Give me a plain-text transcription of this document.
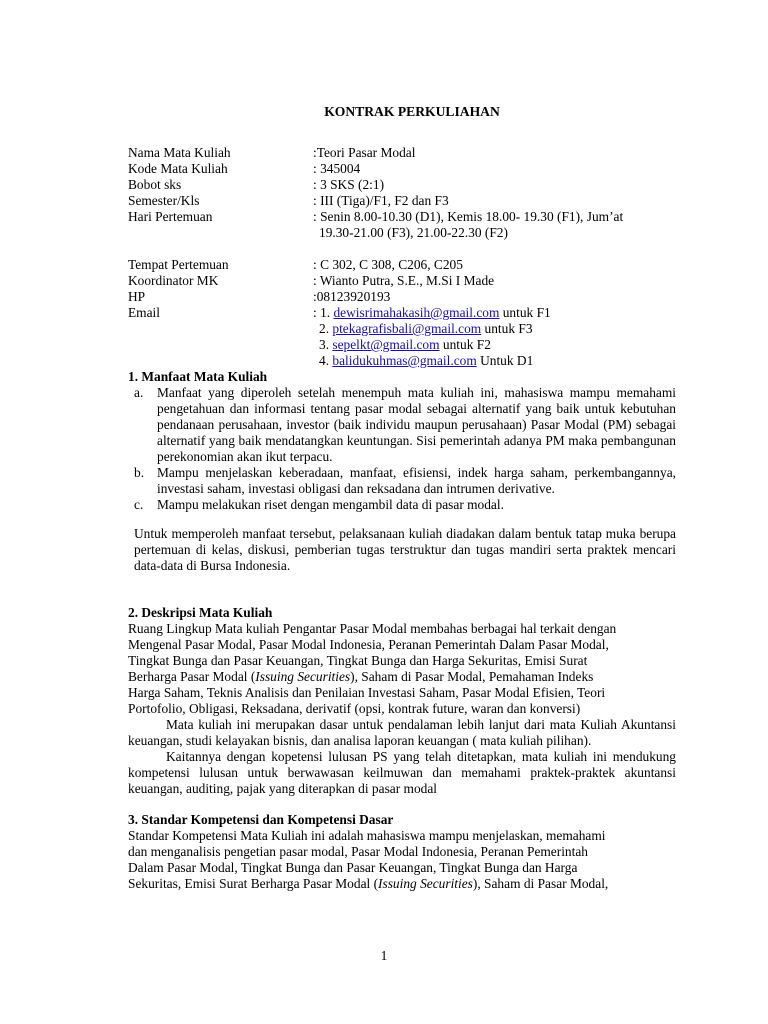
KONTRAK PERKULIAHAN
Nama Mata Kuliah	:Teori Pasar Modal
Kode Mata Kuliah	: 345004
Bobot sks	: 3 SKS (2:1)
Semester/Kls	: III (Tiga)/F1, F2 dan F3
Hari Pertemuan	: Senin 8.00-10.30 (D1), Kemis 18.00- 19.30 (F1), Jum’at
19.30-21.00 (F3), 21.00-22.30 (F2)
Tempat Pertemuan	: C 302, C 308, C206, C205
Koordinator MK	: Wianto Putra, S.E., M.Si I Made
HP	:08123920193
Email	: 1. dewisrimahakasih@gmail.com untuk F1
2. ptekagrafisbali@gmail.com untuk F3
3. sepelkt@gmail.com untuk F2
4. balidukuhmas@gmail.com Untuk D1
1. Manfaat Mata Kuliah
a. Manfaat yang diperoleh setelah menempuh mata kuliah ini, mahasiswa mampu memahami pengetahuan dan informasi tentang pasar modal sebagai alternatif yang baik untuk kebutuhan pendanaan perusahaan, investor (baik individu maupun perusahaan) Pasar Modal (PM) sebagai alternatif yang baik mendatangkan keuntungan. Sisi pemerintah adanya PM maka pembangunan perekonomian akan ikut terpacu.
b. Mampu menjelaskan keberadaan, manfaat, efisiensi, indek harga saham, perkembangannya, investasi saham, investasi obligasi dan reksadana dan intrumen derivative.
c. Mampu melakukan riset dengan mengambil data di pasar modal.
Untuk memperoleh manfaat tersebut, pelaksanaan kuliah diadakan dalam bentuk tatap muka berupa pertemuan di kelas, diskusi, pemberian tugas terstruktur dan tugas mandiri serta praktek mencari data-data di Bursa Indonesia.
2. Deskripsi Mata Kuliah
Ruang Lingkup Mata kuliah Pengantar Pasar Modal membahas berbagai hal terkait dengan
Mengenal Pasar Modal, Pasar Modal Indonesia, Peranan Pemerintah Dalam Pasar Modal,
Tingkat Bunga dan Pasar Keuangan, Tingkat Bunga dan Harga Sekuritas, Emisi Surat
Berharga Pasar Modal (Issuing Securities), Saham di Pasar Modal, Pemahaman Indeks
Harga Saham, Teknis Analisis dan Penilaian Investasi Saham, Pasar Modal Efisien, Teori
Portofolio, Obligasi, Reksadana, derivatif (opsi, kontrak future, waran dan konversi)
Mata kuliah ini merupakan dasar untuk pendalaman lebih lanjut dari mata Kuliah Akuntansi keuangan, studi kelayakan bisnis, dan analisa laporan keuangan ( mata kuliah pilihan).
Kaitannya dengan kopetensi lulusan PS yang telah ditetapkan, mata kuliah ini mendukung kompetensi lulusan untuk berwawasan keilmuwan dan memahami praktek-praktek akuntansi keuangan, auditing, pajak yang diterapkan di pasar modal
3. Standar Kompetensi dan Kompetensi Dasar
Standar Kompetensi Mata Kuliah ini adalah mahasiswa mampu menjelaskan, memahami
dan menganalisis pengetian pasar modal, Pasar Modal Indonesia, Peranan Pemerintah
Dalam Pasar Modal, Tingkat Bunga dan Pasar Keuangan, Tingkat Bunga dan Harga
Sekuritas, Emisi Surat Berharga Pasar Modal (Issuing Securities), Saham di Pasar Modal,
1
